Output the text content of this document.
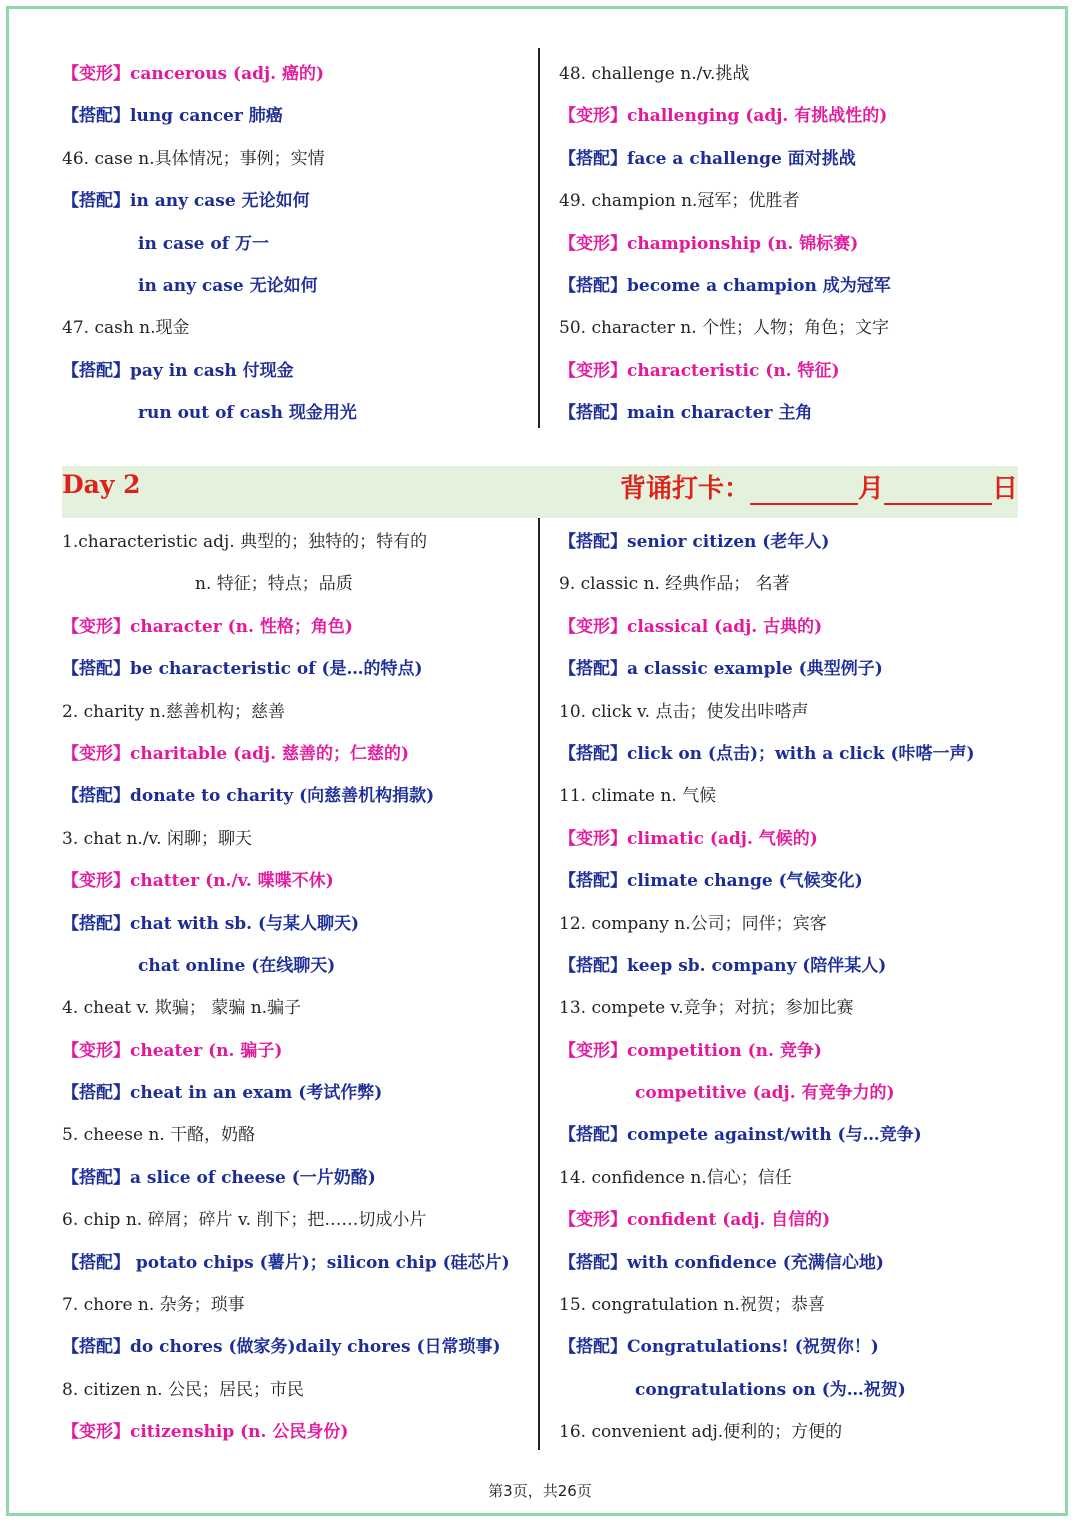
【变形】cancerous (adj. 癌的)
【搭配】lung cancer 肺癌
46. case n.具体情况；事例；实情
【搭配】in any case 无论如何
in case of 万一
in any case 无论如何
47. cash n.现金
【搭配】pay in cash 付现金
run out of cash 现金用光
48. challenge n./v.挑战
【变形】challenging (adj. 有挑战性的)
【搭配】face a challenge 面对挑战
49. champion n.冠军；优胜者
【变形】championship (n. 锦标赛)
【搭配】become a champion 成为冠军
50. character n. 个性；人物；角色；文字
【变形】characteristic (n. 特征)
【搭配】main character 主角
Day 2	背诵打卡：	月	日
1.characteristic adj. 典型的；独特的；特有的
n. 特征；特点；品质
【变形】character (n. 性格；角色)
【搭配】be characteristic of (是…的特点)
2. charity n.慈善机构；慈善
【变形】charitable (adj. 慈善的；仁慈的)
【搭配】donate to charity (向慈善机构捐款)
3. chat n./v. 闲聊；聊天
【变形】chatter (n./v. 喋喋不休)
【搭配】chat with sb. (与某人聊天)
chat online (在线聊天)
4. cheat v. 欺骗； 蒙骗 n.骗子
【变形】cheater (n. 骗子)
【搭配】cheat in an exam (考试作弊)
5. cheese n. 干酪，奶酪
【搭配】a slice of cheese (一片奶酪)
6. chip n. 碎屑；碎片 v. 削下；把……切成小片
【搭配】 potato chips (薯片)；silicon chip (硅芯片)
7. chore n. 杂务；琐事
【搭配】do chores (做家务)daily chores (日常琐事)
8. citizen n. 公民；居民；市民
【变形】citizenship (n. 公民身份)
【搭配】senior citizen (老年人)
9. classic n. 经典作品； 名著
【变形】classical (adj. 古典的)
【搭配】a classic example (典型例子)
10. click v. 点击；使发出咔嗒声
【搭配】click on (点击)；with a click (咔嗒一声)
11. climate n. 气候
【变形】climatic (adj. 气候的)
【搭配】climate change (气候变化)
12. company n.公司；同伴；宾客
【搭配】keep sb. company (陪伴某人)
13. compete v.竞争；对抗；参加比赛
【变形】competition (n. 竞争)
competitive (adj. 有竞争力的)
【搭配】compete against/with (与…竞争)
14. confidence n.信心；信任
【变形】confident (adj. 自信的)
【搭配】with confidence (充满信心地)
15. congratulation n.祝贺；恭喜
【搭配】Congratulations! (祝贺你！)
congratulations on (为…祝贺)
16. convenient adj.便利的；方便的
第3页，共26页
